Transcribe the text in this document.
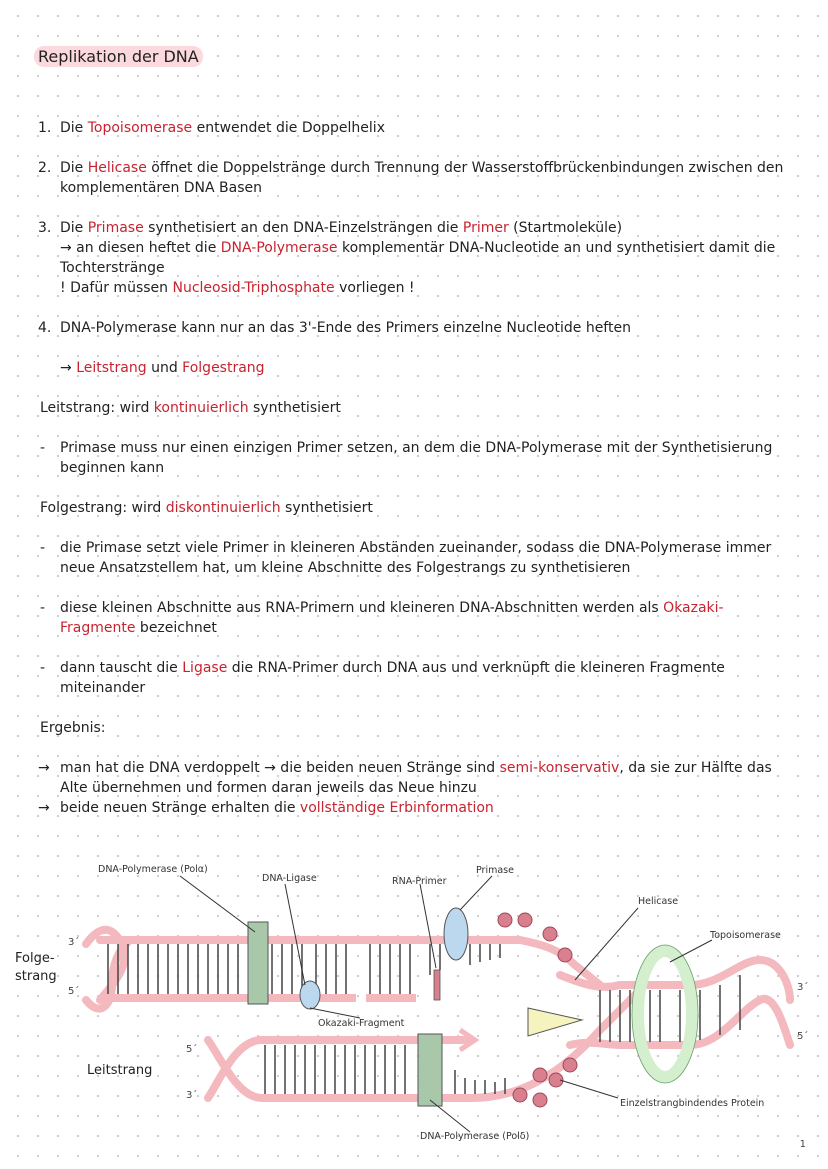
Replikation der DNA
1. Die Topoisomerase entwendet die Doppelhelix
2. Die Helicase öffnet die Doppelstränge durch Trennung der Wasserstoffbrückenbindungen zwischen den
komplementären DNA Basen
3. Die Primase synthetisiert an den DNA-Einzelsträngen die Primer (Startmoleküle)
→ an diesen heftet die DNA-Polymerase komplementär DNA-Nucleotide an und synthetisiert damit die
Tochterstränge
! Dafür müssen Nucleosid-Triphosphate vorliegen !
4. DNA-Polymerase kann nur an das 3'-Ende des Primers einzelne Nucleotide heften
→ Leitstrang und Folgestrang
Leitstrang: wird kontinuierlich synthetisiert
- Primase muss nur einen einzigen Primer setzen, an dem die DNA-Polymerase mit der Synthetisierung
beginnen kann
Folgestrang: wird diskontinuierlich synthetisiert
- die Primase setzt viele Primer in kleineren Abständen zueinander, sodass die DNA-Polymerase immer
neue Ansatzstellem hat, um kleine Abschnitte des Folgestrangs zu synthetisieren
- diese kleinen Abschnitte aus RNA-Primern und kleineren DNA-Abschnitten werden als Okazaki-
Fragmente bezeichnet
- dann tauscht die Ligase die RNA-Primer durch DNA aus und verknüpft die kleineren Fragmente
miteinander
Ergebnis:
→ man hat die DNA verdoppelt → die beiden neuen Stränge sind semi-konservativ, da sie zur Hälfte das
Alte übernehmen und formen daran jeweils das Neue hinzu
→ beide neuen Stränge erhalten die vollständige Erbinformation
DNA-Polymerase (Polα)
DNA-Ligase	RNA-Primer
Primase
Helicase
Topoisomerase
Okazaki-Fragment
Einzelstrangbindendes Protein
DNA-Polymerase (Polδ)
Folge-
strang
Leitstrang
3´
5´
5´
3´
3´
5´
1
